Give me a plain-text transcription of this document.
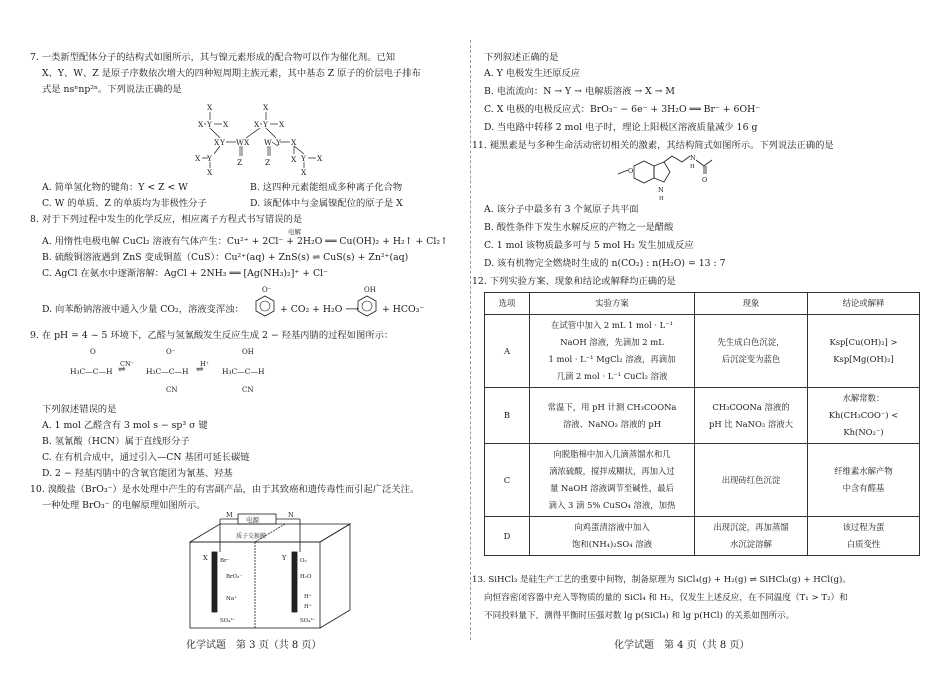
7. 一类新型配体分子的结构式如图所示，其与镍元素形成的配合物可以作为催化剂。已知
X、Y、W、Z 是原子序数依次增大的四种短周期主族元素，其中基态 Z 原子的价层电子排布
式是 nsⁿnp²ⁿ。下列说法正确的是
X
X Y X
X W
Y	X
Z	Z
X
Y
X	X
W Y X
X Y X
X
Y
X
X
A. 简单氢化物的键角：Y < Z < W	B. 这四种元素能组成多种离子化合物
C. W 的单质、Z 的单质均为非极性分子	D. 该配体中与金属镍配位的原子是 X
8. 对于下列过程中发生的化学反应，相应离子方程式书写错误的是
电解
A. 用惰性电极电解 CuCl₂ 溶液有气体产生：Cu²⁺ + 2Cl⁻ + 2H₂O ══ Cu(OH)₂ + H₂↑ + Cl₂↑
B. 硫酸铜溶液遇到 ZnS 变成铜蓝（CuS）：Cu²⁺(aq) + ZnS(s) ⇌ CuS(s) + Zn²⁺(aq)
C. AgCl 在氨水中逐渐溶解：AgCl + 2NH₃ ══ [Ag(NH₃)₂]⁺ + Cl⁻
O⁻	OH
D. 向苯酚钠溶液中通入少量 CO₂，溶液变浑浊：	+ CO₂ + H₂O ⟶	+ HCO₃⁻
9. 在 pH = 4 ~ 5 环境下，乙醛与氢氰酸发生反应生成 2 − 羟基丙腈的过程如图所示：
O
H₃C—C—H
CN⁻
⇌
O⁻
H₃C—C—H
CN
H⁺
⇌
OH
H₃C—C—H
CN
下列叙述错误的是
A. 1 mol 乙醛含有 3 mol s − sp³ σ 键
B. 氢氰酸（HCN）属于直线形分子
C. 在有机合成中，通过引入—CN 基团可延长碳链
D. 2 − 羟基丙腈中的含氧官能团为氰基、羟基
10. 溴酸盐（BrO₃⁻）是水处理中产生的有害副产品，由于其致癌和遗传毒性而引起广泛关注。
一种处理 BrO₃⁻ 的电解原理如图所示。
电源
M	N
质子交换膜
X	Y
Br⁻
BrO₃⁻
Na⁺
SO₄²⁻
O₂
H₂O
H⁺
H⁺
SO₄²⁻
化学试题　第 3 页（共 8 页）
下列叙述正确的是
A. Y 电极发生还原反应
B. 电流流向：N → Y → 电解质溶液 → X → M
C. X 电极的电极反应式：BrO₃⁻ − 6e⁻ + 3H₂O ══ Br⁻ + 6OH⁻
D. 当电路中转移 2 mol 电子时，理论上阳极区溶液质量减少 16 g
11. 褪黑素是与多种生命活动密切相关的激素，其结构简式如图所示。下列说法正确的是
O
N
H
N
H
O
A. 该分子中最多有 3 个氮原子共平面
B. 酸性条件下发生水解反应的产物之一是醋酸
C. 1 mol 该物质最多可与 5 mol H₂ 发生加成反应
D. 该有机物完全燃烧时生成的 n(CO₂) : n(H₂O) = 13 : 7
12. 下列实验方案、现象和结论或解释均正确的是
选项	实验方案	现象	结论或解释
A	在试管中加入 2 mL 1 mol · L⁻¹
NaOH 溶液，先滴加 2 mL
1 mol · L⁻¹ MgCl₂ 溶液，再滴加
几滴 2 mol · L⁻¹ CuCl₂ 溶液	先生成白色沉淀，
后沉淀变为蓝色	Ksp[Cu(OH)₂] >
Ksp[Mg(OH)₂]

B	常温下，用 pH 计测 CH₃COONa
溶液、NaNO₂ 溶液的 pH	CH₃COONa 溶液的
pH 比 NaNO₂ 溶液大	水解常数：
Kh(CH₃COO⁻) <
Kh(NO₂⁻)

C	向脱脂棉中加入几滴蒸馏水和几
滴浓硫酸，搅拌成糊状，再加入过
量 NaOH 溶液调节至碱性，最后
滴入 3 滴 5% CuSO₄ 溶液，加热	出现砖红色沉淀	纤维素水解产物
中含有醛基

D	向鸡蛋清溶液中加入
饱和(NH₄)₂SO₄ 溶液	出现沉淀，再加蒸馏
水沉淀溶解	该过程为蛋
白质变性
13. SiHCl₃ 是硅生产工艺的重要中间物，制备原理为 SiCl₄(g) + H₂(g) ⇌ SiHCl₃(g) + HCl(g)。
向恒容密闭容器中充入等物质的量的 SiCl₄ 和 H₂，仅发生上述反应，在不同温度（T₁ > T₂）和
不同投料量下，测得平衡时压强对数 lg p(SiCl₄) 和 lg p(HCl) 的关系如图所示。
化学试题　第 4 页（共 8 页）
